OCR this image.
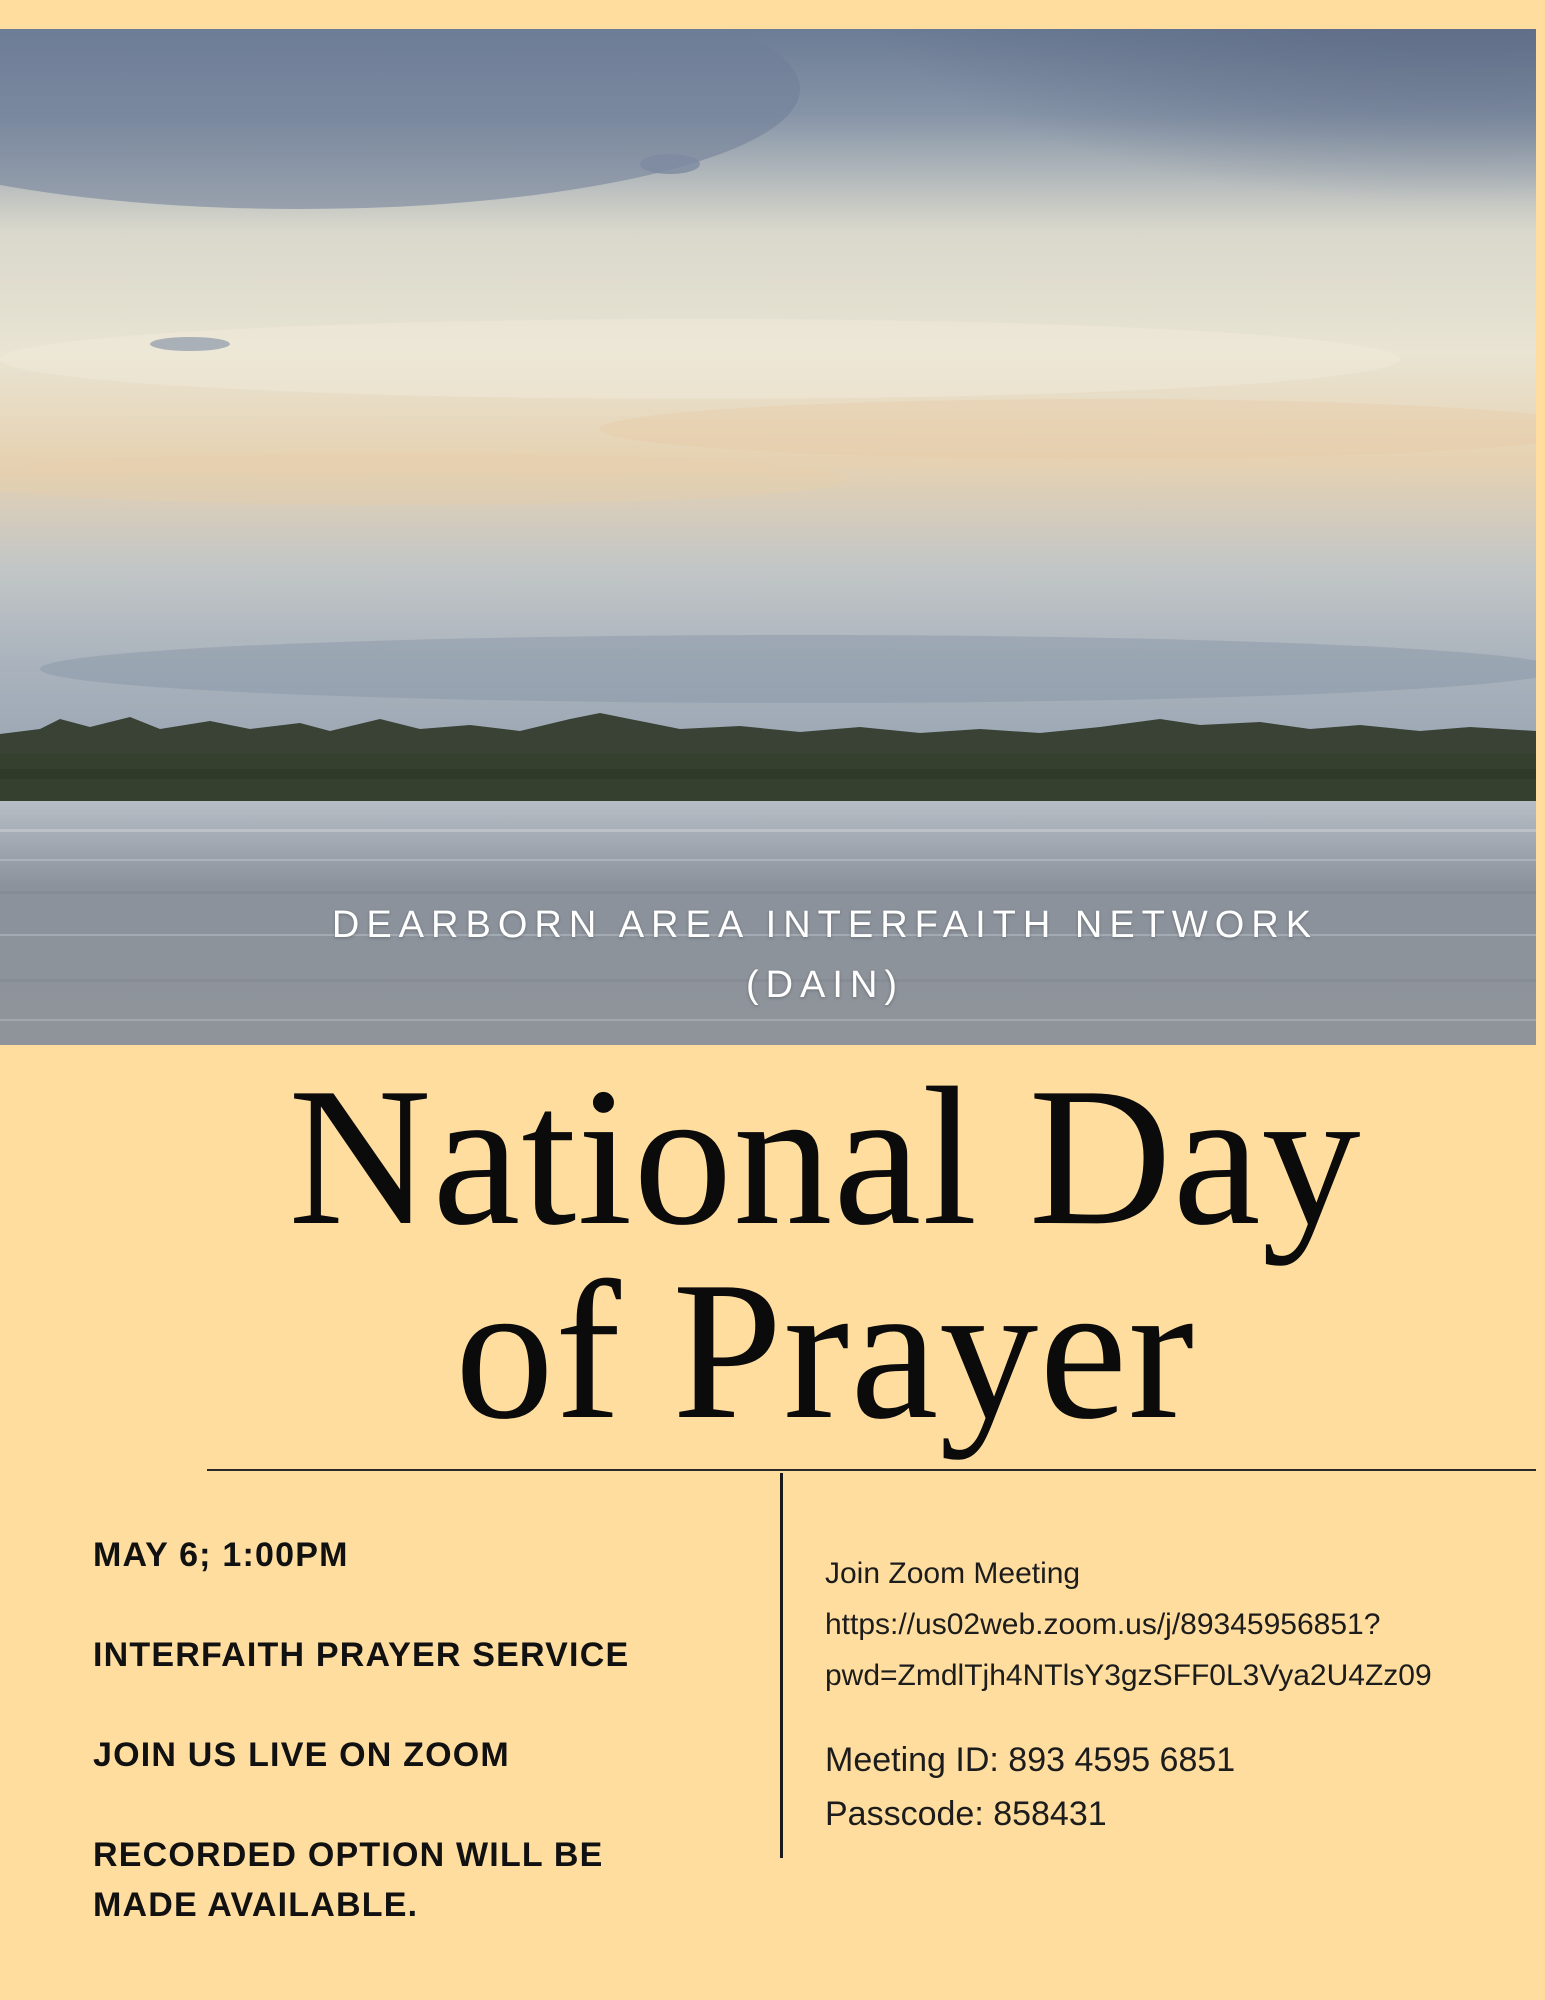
DEARBORN AREA INTERFAITH NETWORK
(DAIN)
National Day
of Prayer
MAY 6; 1:00PM
INTERFAITH PRAYER SERVICE
JOIN US LIVE ON ZOOM
RECORDED OPTION WILL BE
MADE AVAILABLE.
Join Zoom Meeting
https://us02web.zoom.us/j/89345956851?
pwd=ZmdlTjh4NTlsY3gzSFF0L3Vya2U4Zz09
Meeting ID: 893 4595 6851
Passcode: 858431
